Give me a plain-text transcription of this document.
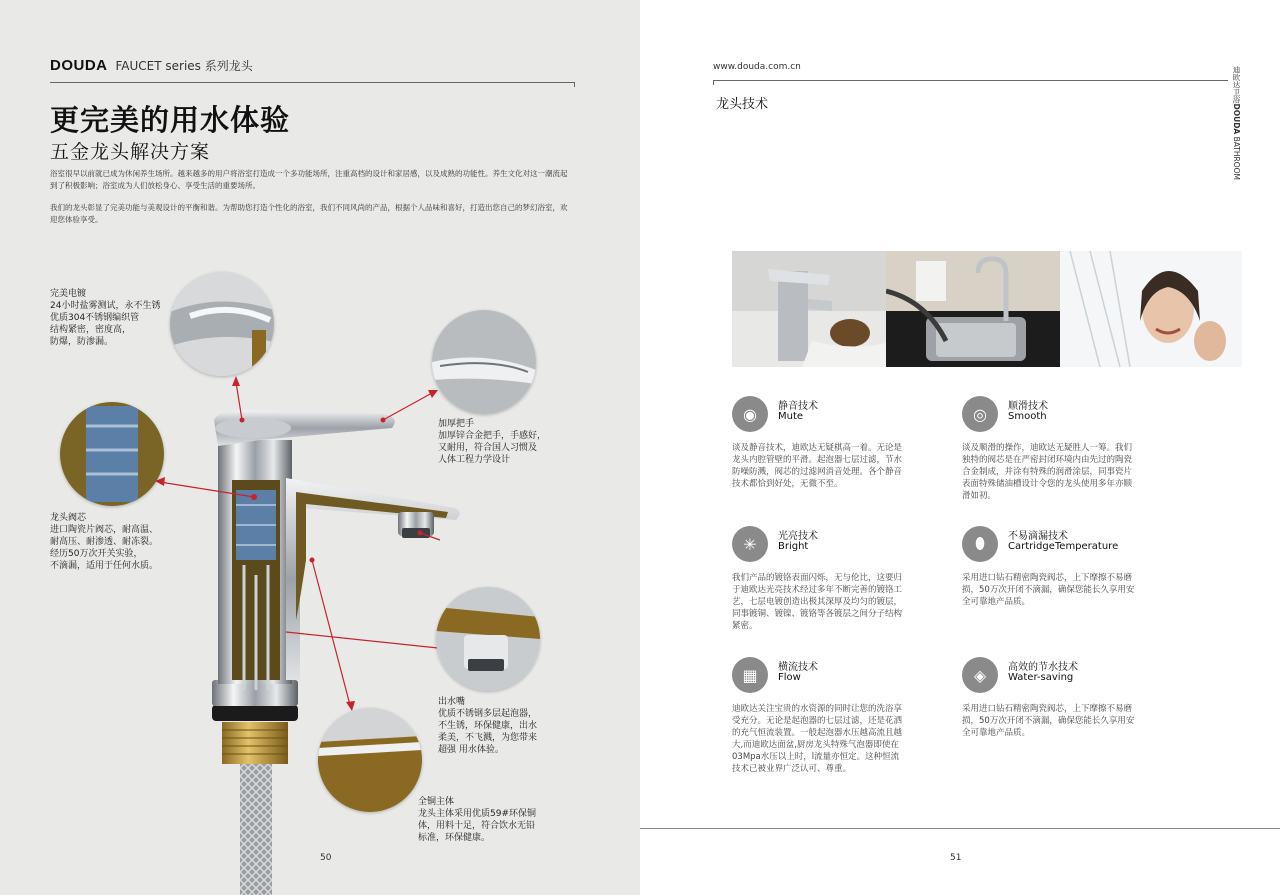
DOUDA FAUCET series 系列龙头
更完美的用水体验
五金龙头解决方案

浴室很早以前就已成为休闲养生场所。越来越多的用户将浴室打造成一个多功能场所，注重高档的设计和家居感，以及成熟的功能性。养生文化对这一潮流起到了积极影响；浴室成为人们放松身心、享受生活的重要场所。

我们的龙头彰显了完美功能与美观设计的平衡和谐。为帮助您打造个性化的浴室，我们不同风尚的产品，根据个人品味和喜好，打造出您自己的梦幻浴室，欢迎您体验享受。

完美电镀
24小时盐雾测试，永不生锈
优质304不锈钢编织管
结构紧密，密度高，
防爆，防渗漏。
加厚把手
加厚锌合金把手，手感好，
又耐用，符合国人习惯及
人体工程力学设计
龙头阀芯
进口陶瓷片阀芯，耐高温、
耐高压、耐渗透、耐冻裂。
经历50万次开关实验，
不滴漏，适用于任何水质。
出水嘴
优质不锈钢多层起泡器，
不生锈，环保健康，出水
柔美，不飞溅，为您带来
超强 用水体验。
全铜主体
龙头主体采用优质59#环保铜
体，用料十足，符合饮水无铅
标准，环保健康。
50
www.douda.com.cn	迪欧达卫浴DOUDA BATHROOM
龙头技术
◉	静音技术
Mute
谈及静音技术，迪欧达无疑棋高一着。无论是龙头内腔管壁的平滑。起泡器七层过滤，节水防噪防溅，阀芯的过滤网消音处理。各个静音技术都恰到好处，无微不至。
◎	顺滑技术
Smooth
谈及顺滑的操作，迪欧达无疑胜人一筹。我们独特的阀芯是在严密封闭环境内由先过的陶瓷合金制成，并涂有特殊的润滑涂层，同事瓷片表面特殊储油槽设计令您的龙头使用多年亦顺滑如初。
✳	光亮技术
Bright
我们产品的镀铬表面闪烁，无与伦比，这要归于迪欧达光亮技术经过多年不断完善的镀铬工艺，七层电镀创造出极其深厚及均匀的镀层，同事镀铜、镀镍、镀铬等各镀层之间分子结构紧密。
⬮	不易滴漏技术
CartridgeTemperature
采用进口钻石精密陶瓷阀芯，上下摩擦不易磨损，50万次开闭不滴漏，确保您能长久享用安全可靠地产品质。
▦	横流技术
Flow
迪欧达关注宝贵的水资源的同时让您的洗浴享受充分。无论是起泡器的七层过滤，还是花洒的充气恒流装置。一般起泡器水压越高流且越大,而迪欧达面盆,厨房龙头特殊气泡器即使在03Mpa水压以上时，l流量亦恒定。这种恒流技术已被业界广泛认可、尊重。
◈	高效的节水技术
Water-saving
采用进口钻石精密陶瓷阀芯，上下摩擦不易磨损，50万次开闭不滴漏，确保您能长久享用安全可靠地产品质。
51
